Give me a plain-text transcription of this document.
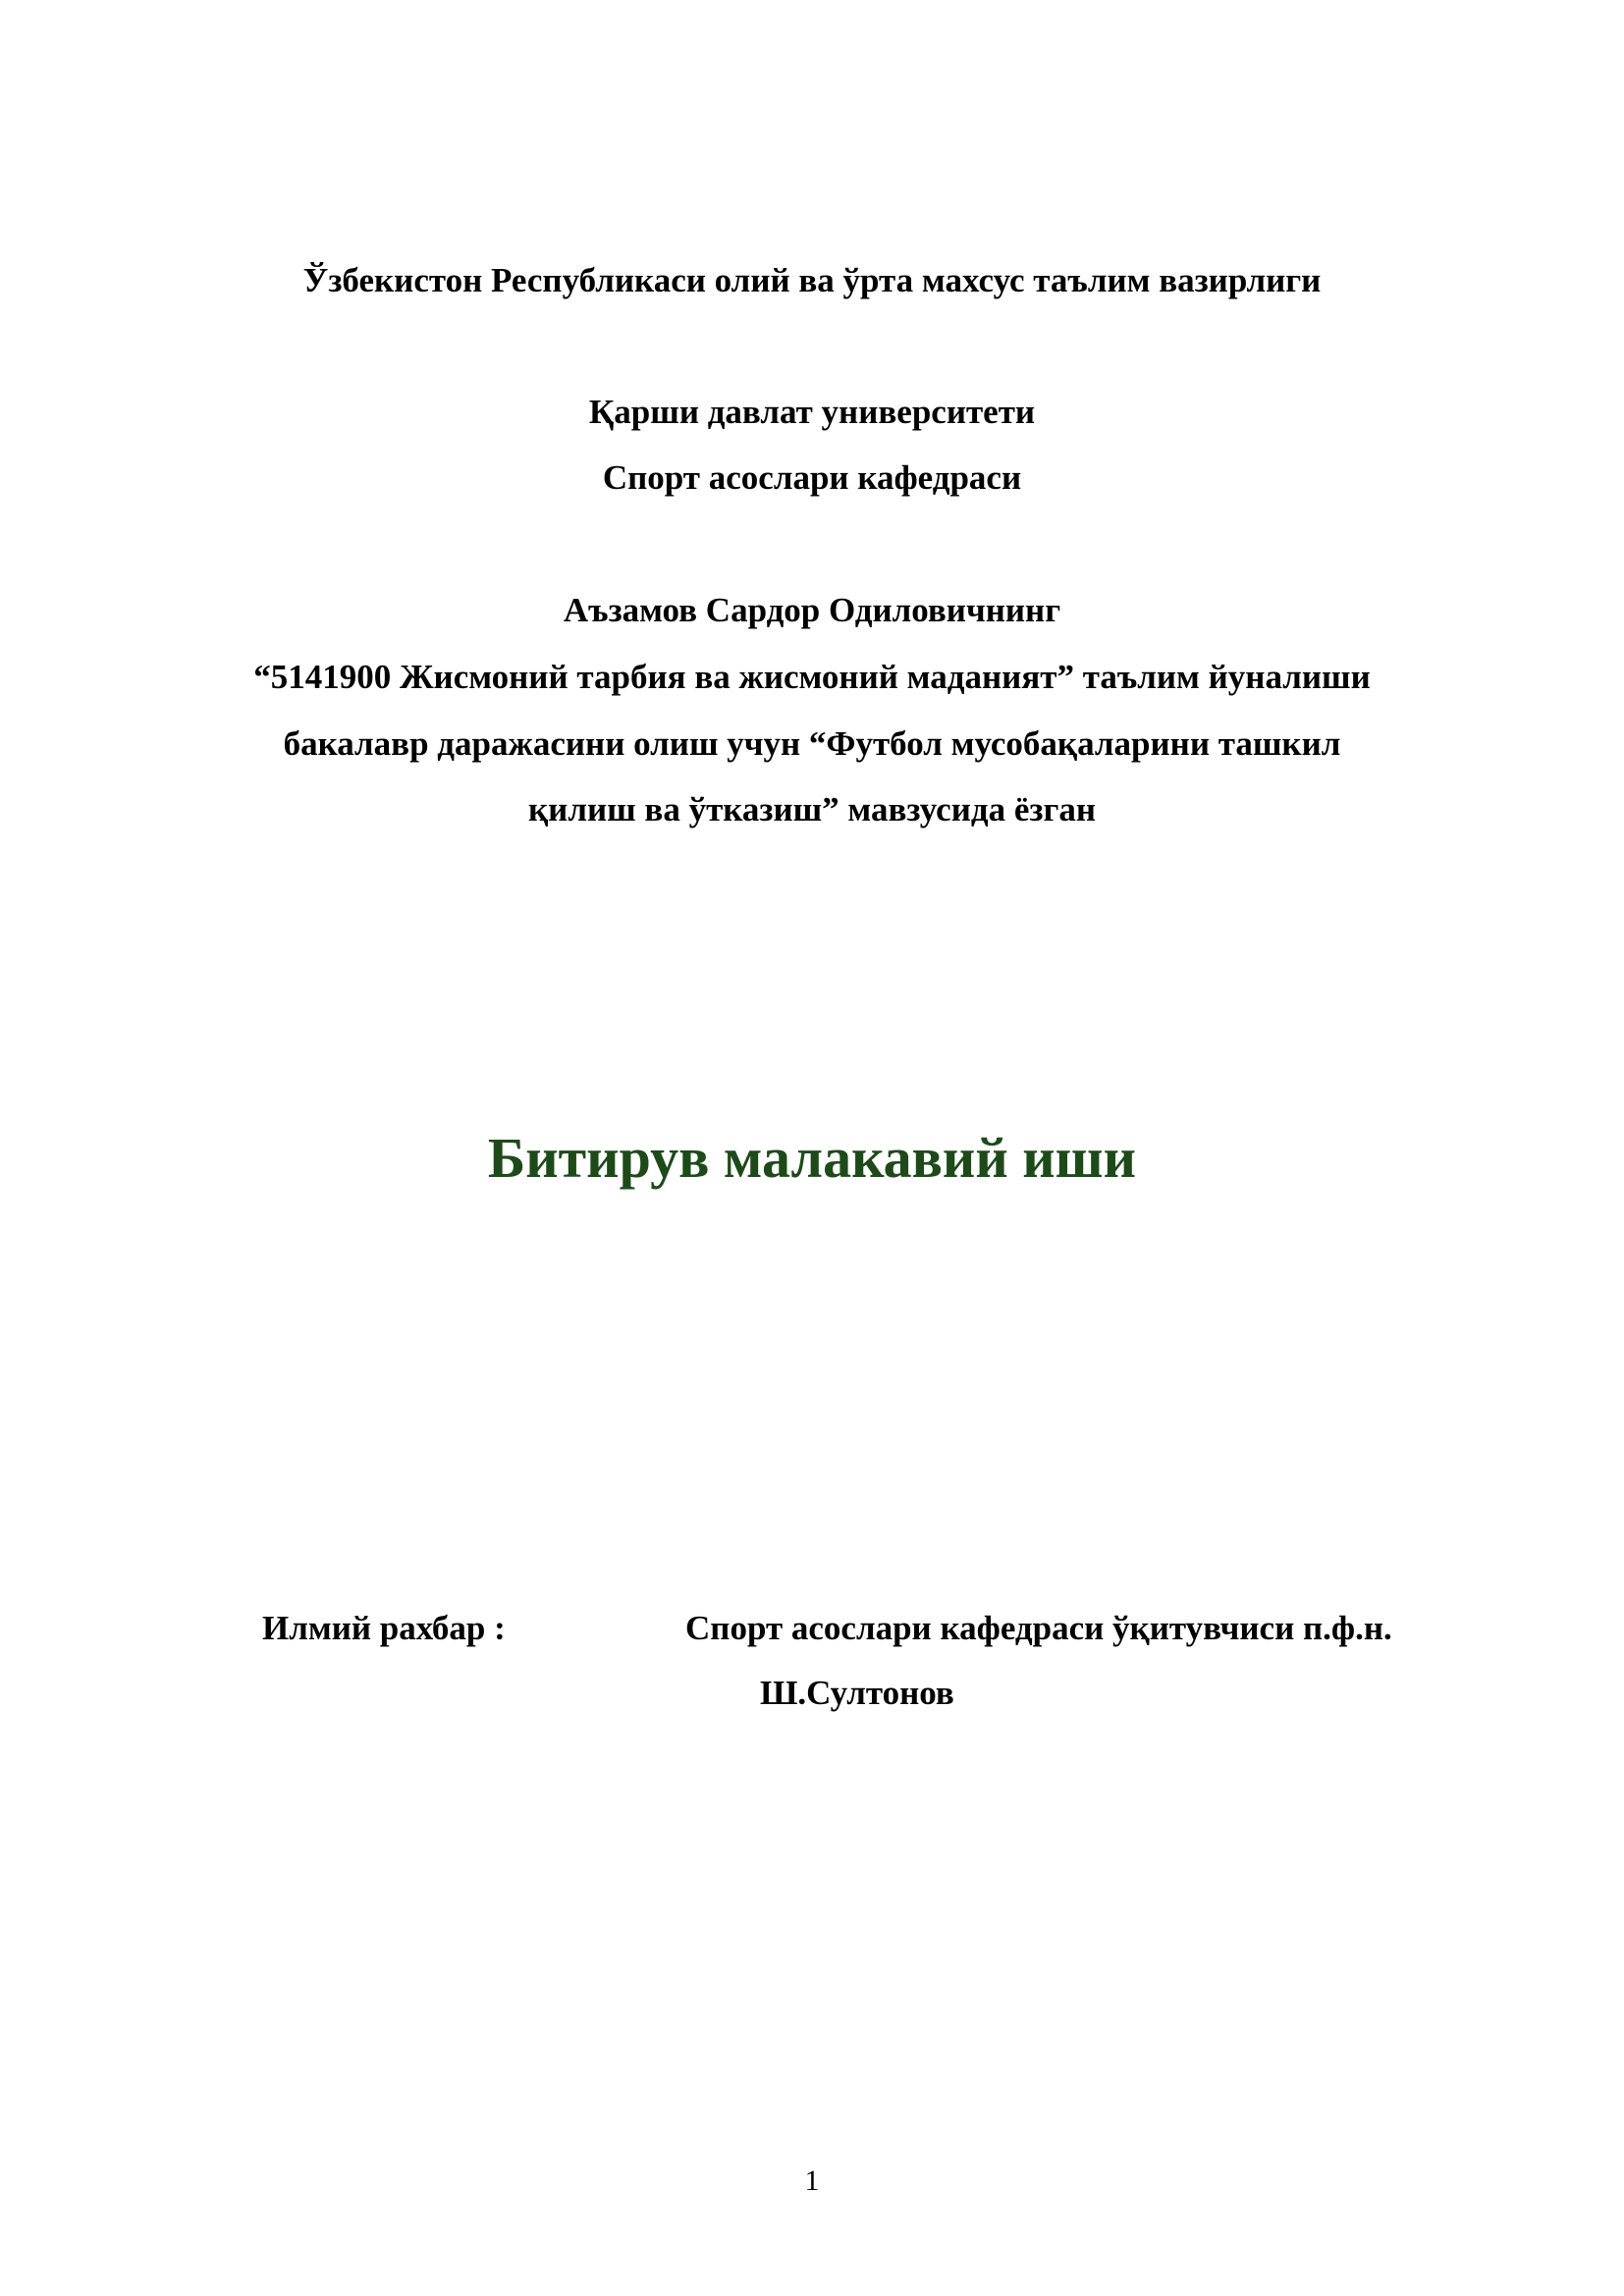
Ўзбекистон Республикаси олий ва ўрта махсус таълим вазирлиги
Қарши давлат университети
Спорт асослари кафедраси
Аъзамов Сардор Одиловичнинг
“5141900 Жисмоний тарбия ва жисмоний маданият” таълим йуналиши
бакалавр даражасини олиш учун “Футбол мусобақаларини ташкил
қилиш ва ўтказиш” мавзусида ёзган
Битирув малакавий иши
Илмий рахбар :	Спорт асослари кафедраси ўқитувчиси п.ф.н.
Ш.Султонов
1
